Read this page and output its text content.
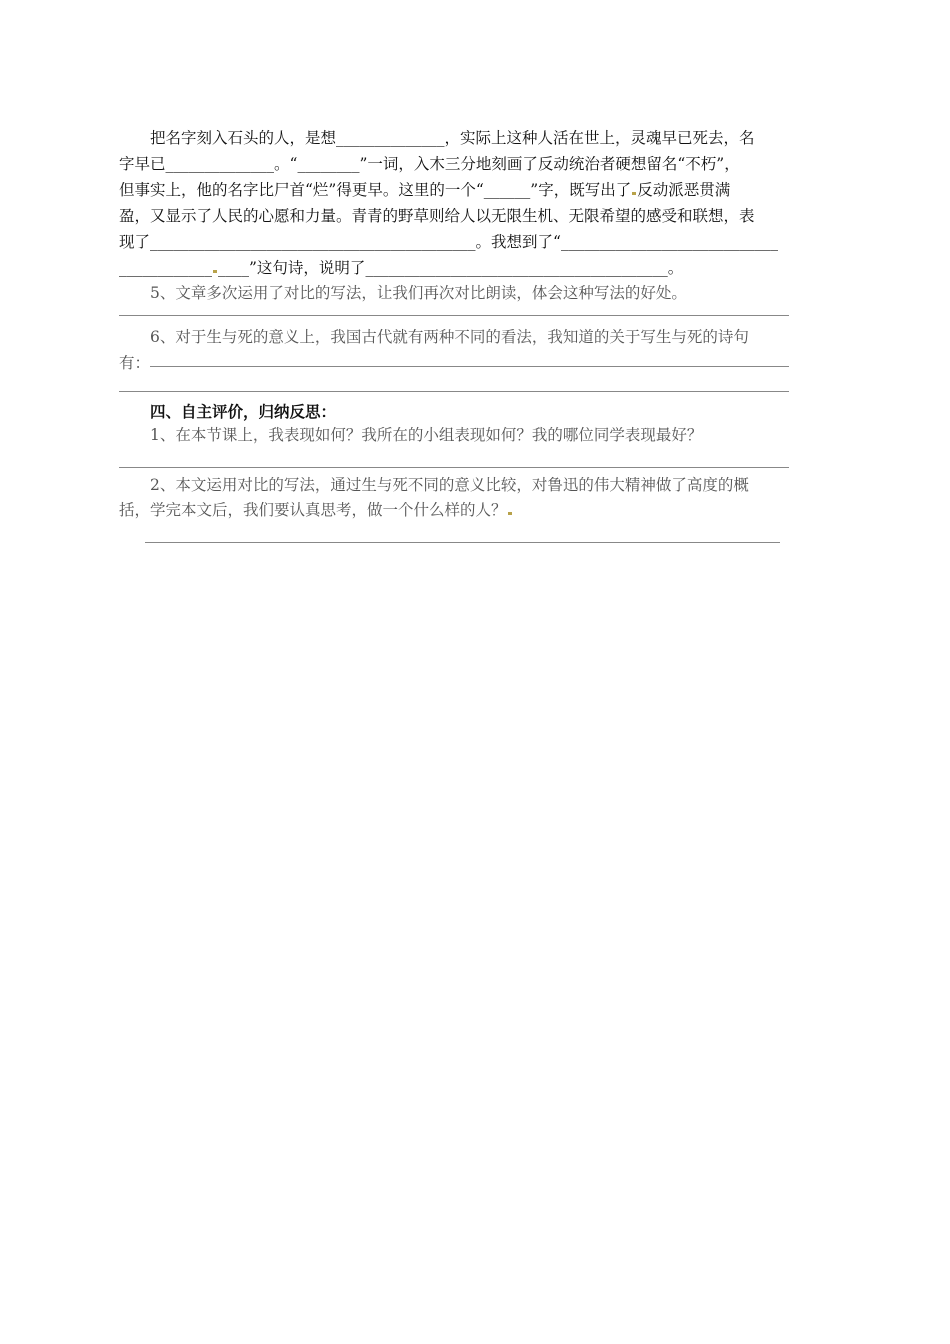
把名字刻入石头的人，是想______________，实际上这种人活在世上，灵魂早已死去，名
字早已______________。“________”一词，入木三分地刻画了反动统治者硬想留名“不朽”，
但事实上，他的名字比尸首“烂”得更早。这里的一个“______”字，既写出了 反动派恶贯满
盈，又显示了人民的心愿和力量。青青的野草则给人以无限生机、无限希望的感受和联想，表
现了__________________________________________。我想到了“____________________________
____________ ____”这句诗，说明了_______________________________________。
5、文章多次运用了对比的写法，让我们再次对比朗读，体会这种写法的好处。
6、对于生与死的意义上，我国古代就有两种不同的看法，我知道的关于写生与死的诗句
有：
四、自主评价，归纳反思：
1、在本节课上，我表现如何？我所在的小组表现如何？我的哪位同学表现最好？
2、本文运用对比的写法，通过生与死不同的意义比较，对鲁迅的伟大精神做了高度的概
括，学完本文后，我们要认真思考，做一个什么样的人？
